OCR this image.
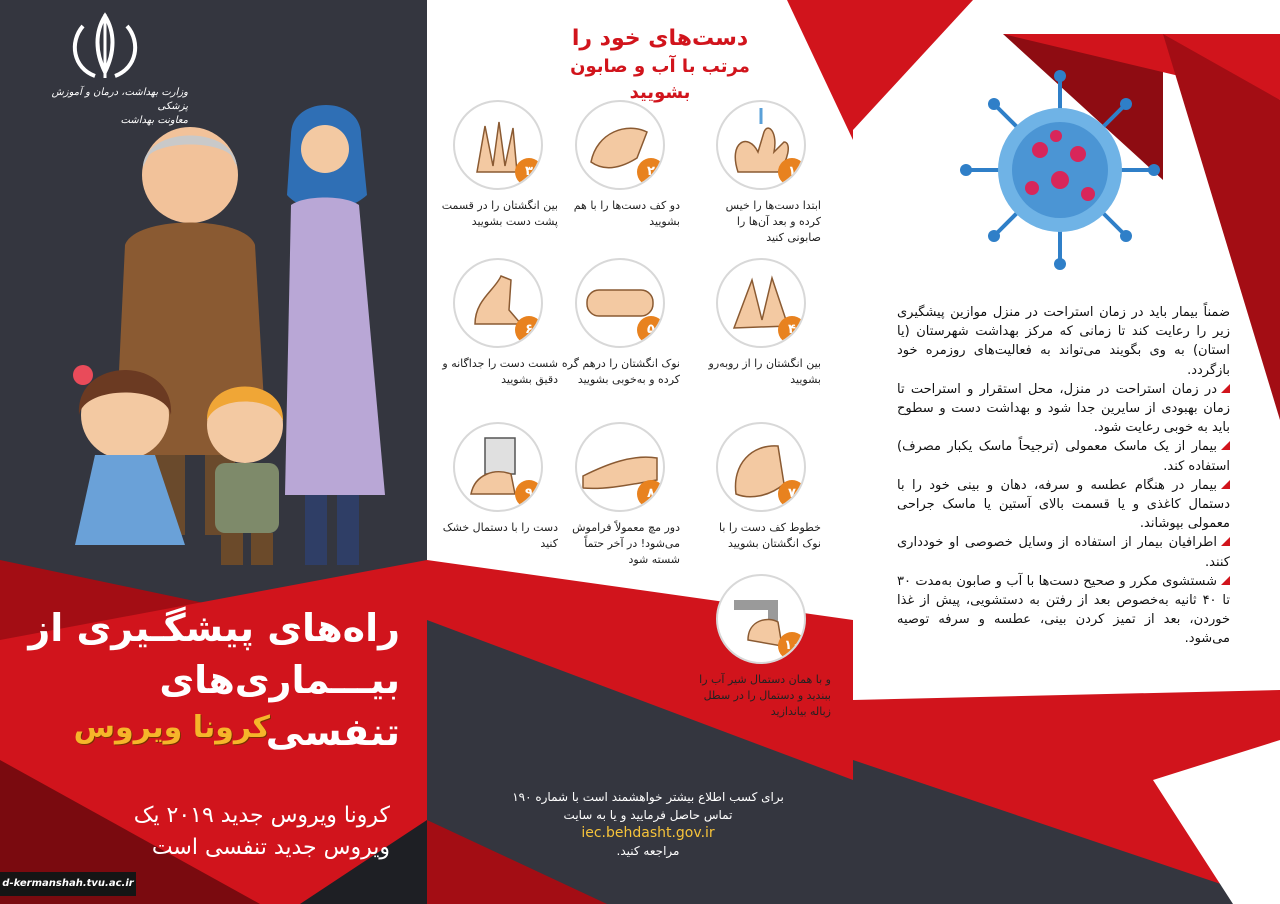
وزارت بهداشت، درمان و آموزش پزشکی
معاونت بهداشت
راه‌های پیشگـیری از
بیـــماری‌های تنفسی
کرونا ویروس
کرونا ویروس جدید ۲۰۱۹ یک
ویروس جدید تنفسی است
d-kermanshah.tvu.ac.ir
دست‌های خود را
مرتب با آب و صابون بشویید
۱
ابتدا دست‌ها را خیس کرده و بعد آن‌ها را صابونی کنید
۲
دو کف دست‌ها را با هم بشویید
۳
بین انگشتان را در قسمت پشت دست بشویید
۴
بین انگشتان را از روبه‌رو بشویید
۵
نوک انگشتان را درهم گره کرده و به‌خوبی بشویید
۶
شست دست را جداگانه و دقیق بشویید
۷
خطوط کف دست را با نوک انگشتان بشویید
۸
دور مچ معمولاً فراموش می‌شود! در آخر حتماً شسته شود
۹
دست را با دستمال خشک کنید
۱۰
و با همان دستمال شیر آب را ببندید و دستمال را در سطل زباله بیاندازید
برای کسب اطلاع بیشتر خواهشمند است با شماره ۱۹۰
تماس حاصل فرمایید و یا به سایت
iec.behdasht.gov.ir
مراجعه کنید.

ضمناً بیمار باید در زمان استراحت در منزل موازین پیشگیری زیر را رعایت کند تا زمانی که مرکز بهداشت شهرستان (یا استان) به وی بگویند می‌تواند به فعالیت‌های روزمره خود بازگردد.

در زمان استراحت در منزل، محل استقرار و استراحت تا زمان بهبودی از سایرین جدا شود و بهداشت دست و سطوح باید به خوبی رعایت شود.

بیمار از یک ماسک معمولی (ترجیحاً ماسک یکبار مصرف) استفاده کند.

بیمار در هنگام عطسه و سرفه، دهان و بینی خود را با دستمال کاغذی و یا قسمت بالای آستین یا ماسک جراحی معمولی بپوشاند.

اطرافیان بیمار از استفاده از وسایل خصوصی او خودداری کنند.

شستشوی مکرر و صحیح دست‌ها با آب و صابون به‌مدت ۳۰ تا ۴۰ ثانیه به‌خصوص بعد از رفتن به دستشویی، پیش از غذا خوردن، بعد از تمیز کردن بینی، عطسه و سرفه توصیه می‌شود.
